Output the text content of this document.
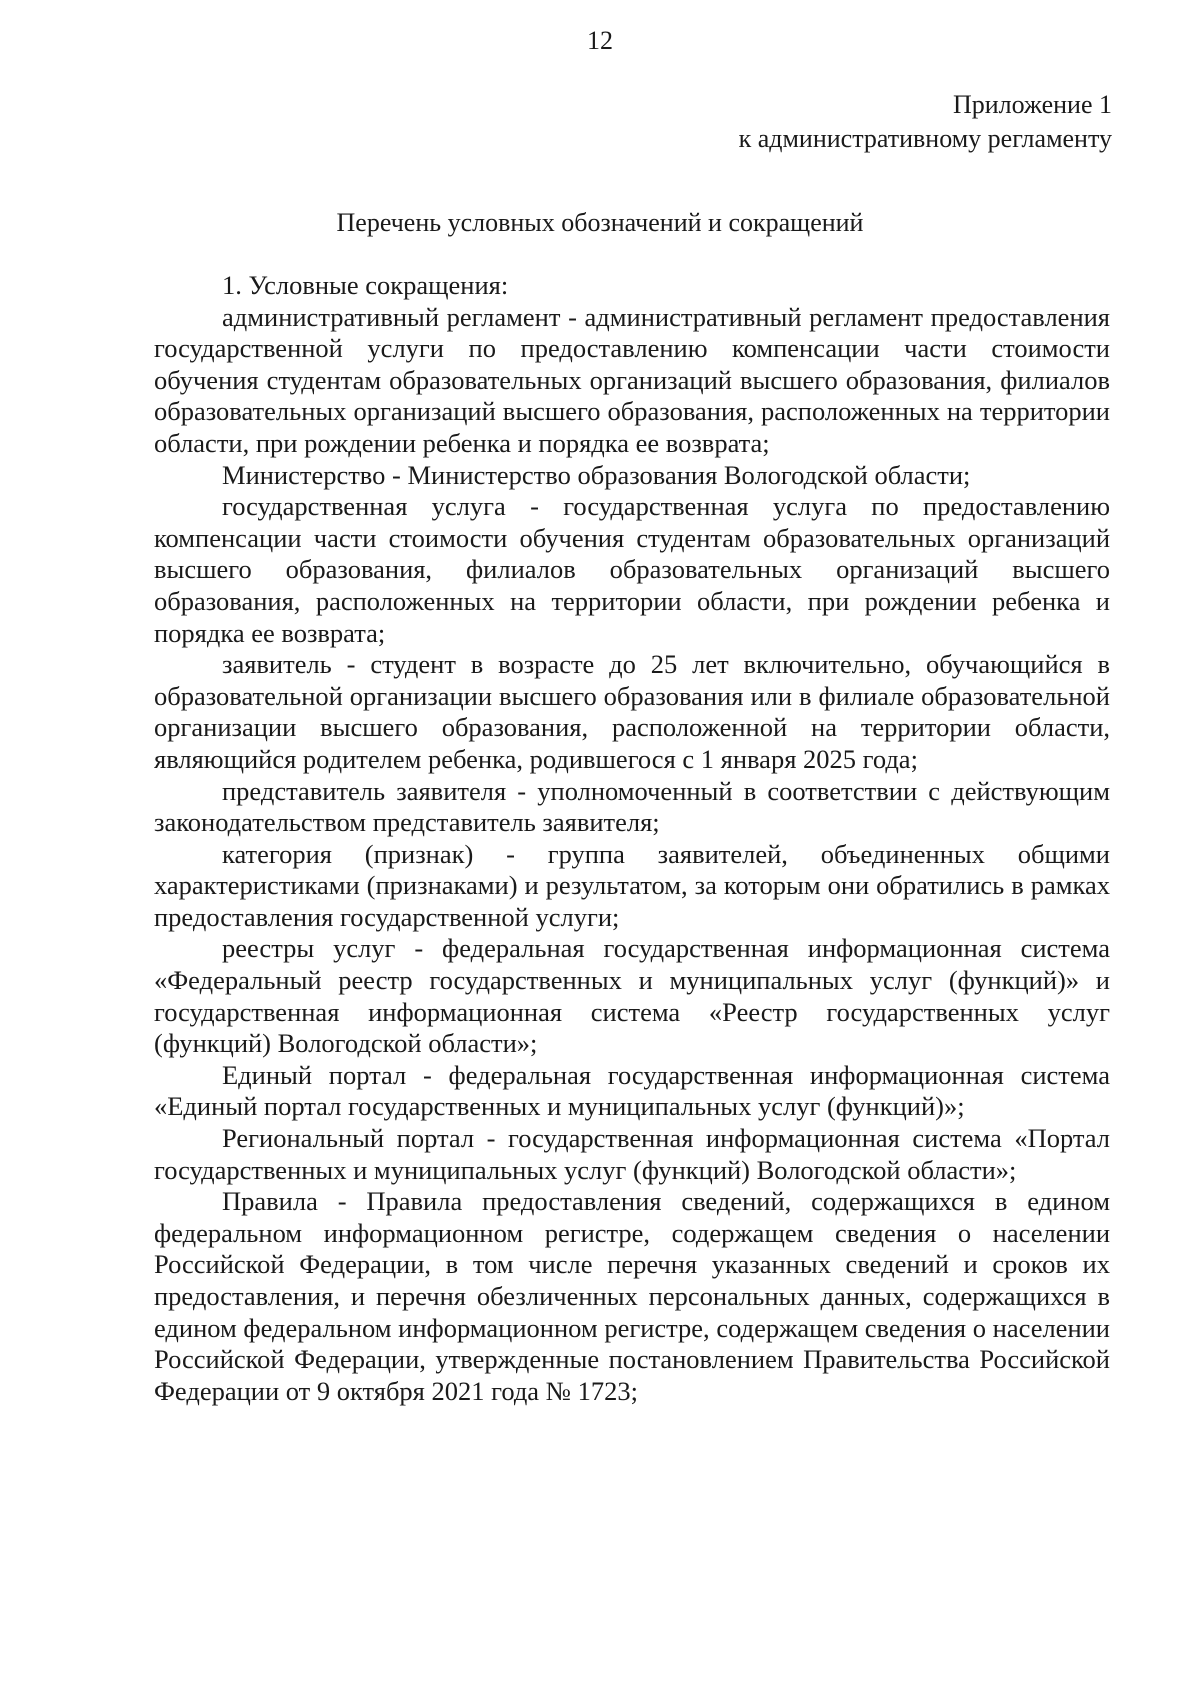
12
Приложение 1
к административному регламенту
Перечень условных обозначений и сокращений

1. Условные сокращения:

административный регламент - административный регламент предоставления государственной услуги по предоставлению компенсации части стоимости обучения студентам образовательных организаций высшего образования, филиалов образовательных организаций высшего образования, расположенных на территории области, при рождении ребенка и порядка ее возврата;

Министерство - Министерство образования Вологодской области;

государственная услуга - государственная услуга по предоставлению компенсации части стоимости обучения студентам образовательных организаций высшего образования, филиалов образовательных организаций высшего образования, расположенных на территории области, при рождении ребенка и порядка ее возврата;

заявитель - студент в возрасте до 25 лет включительно, обучающийся в образовательной организации высшего образования или в филиале образовательной организации высшего образования, расположенной на территории области, являющийся родителем ребенка, родившегося с 1 января 2025 года;

представитель заявителя - уполномоченный в соответствии с действующим законодательством представитель заявителя;

категория (признак) - группа заявителей, объединенных общими характеристиками (признаками) и результатом, за которым они обратились в рамках предоставления государственной услуги;

реестры услуг - федеральная государственная информационная система «Федеральный реестр государственных и муниципальных услуг (функций)» и государственная информационная система «Реестр государственных услуг (функций) Вологодской области»;

Единый портал - федеральная государственная информационная система «Единый портал государственных и муниципальных услуг (функций)»;

Региональный портал - государственная информационная система «Портал государственных и муниципальных услуг (функций) Вологодской области»;

Правила - Правила предоставления сведений, содержащихся в едином федеральном информационном регистре, содержащем сведения о населении Российской Федерации, в том числе перечня указанных сведений и сроков их предоставления, и перечня обезличенных персональных данных, содержащихся в едином федеральном информационном регистре, содержащем сведения о населении Российской Федерации, утвержденные постановлением Правительства Российской Федерации от 9 октября 2021 года № 1723;
